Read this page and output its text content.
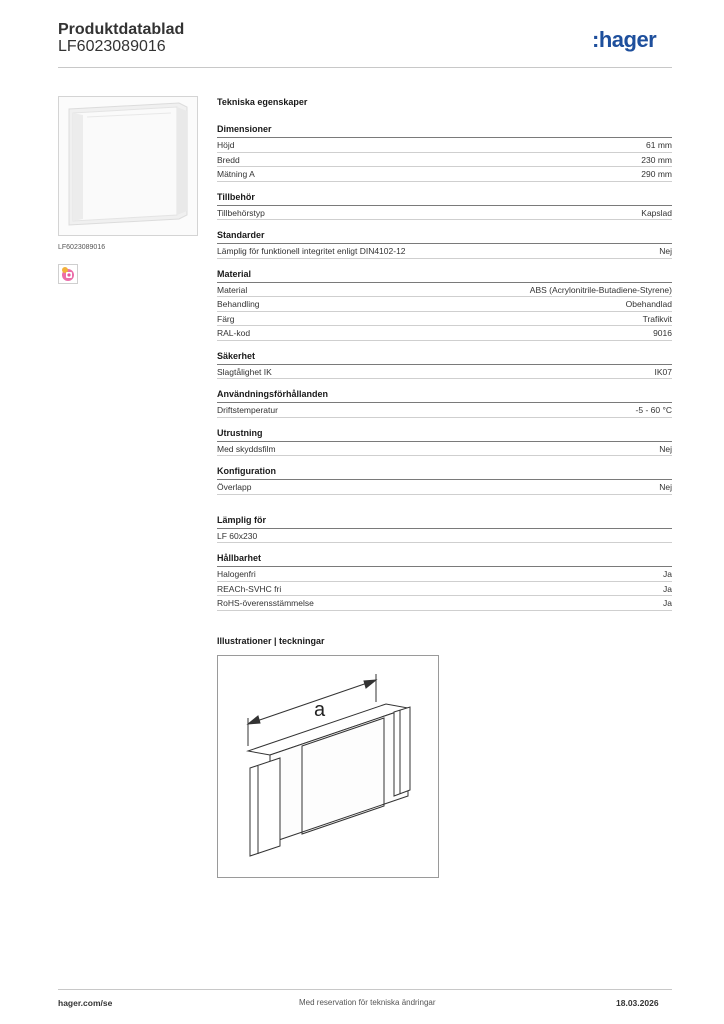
Produktdatablad
LF6023089016	:hager
LF6023089016
Tekniska egenskaper
Dimensioner
Höjd	61 mm
Bredd	230 mm
Mätning A	290 mm
Tillbehör
Tillbehörstyp	Kapslad
Standarder
Lämplig för funktionell integritet enligt DIN4102-12	Nej
Material
Material	ABS (Acrylonitrile-Butadiene-Styrene)
Behandling	Obehandlad
Färg	Trafikvit
RAL-kod	9016
Säkerhet
Slagtålighet IK	IK07
Användningsförhållanden
Driftstemperatur	-5 - 60 °C
Utrustning
Med skyddsfilm	Nej
Konfiguration
Överlapp	Nej
Lämplig för
LF 60x230
Hållbarhet
Halogenfri	Ja
REACh-SVHC fri	Ja
RoHS-överensstämmelse	Ja
Illustrationer | teckningar
a
hager.com/se	Med reservation för tekniska ändringar	18.03.2026
